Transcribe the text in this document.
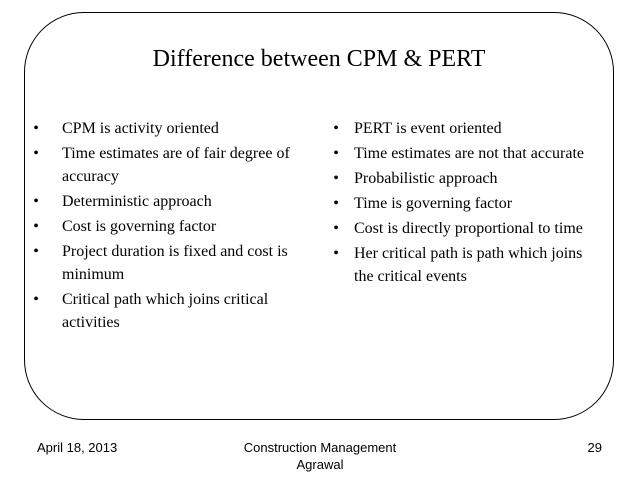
Difference between CPM & PERT
•	CPM is activity oriented
•	Time estimates are of fair degree of accuracy
•	Deterministic approach
•	Cost is governing factor
•	Project duration is fixed and cost is minimum
•	Critical path which joins critical activities
• PERT is event oriented
• Time estimates are not that accurate
• Probabilistic approach
• Time is governing factor
• Cost is directly proportional to time
• Her critical path is path which joins the critical events
April 18, 2013	Construction Management
Agrawal
29
